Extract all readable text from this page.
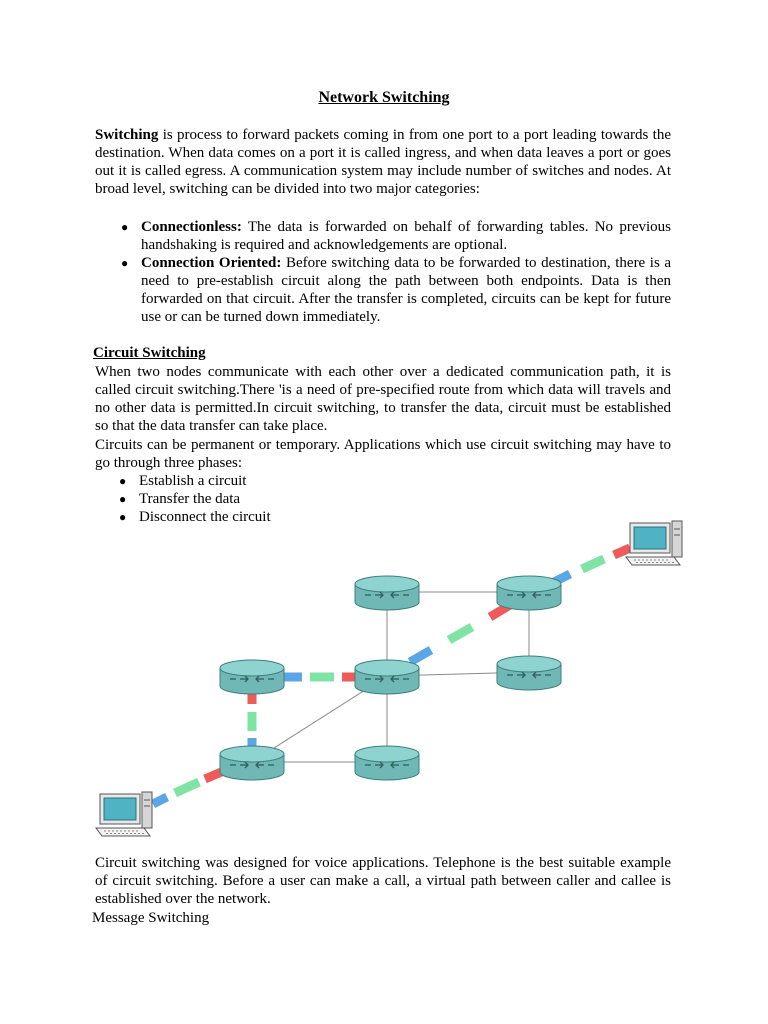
Network Switching
Switching is process to forward packets coming in from one port to a port leading towards the destination. When data comes on a port it is called ingress, and when data leaves a port or goes out it is called egress. A communication system may include number of switches and nodes. At broad level, switching can be divided into two major categories:
● Connectionless: The data is forwarded on behalf of forwarding tables. No previous handshaking is required and acknowledgements are optional.
● Connection Oriented: Before switching data to be forwarded to destination, there is a need to pre-establish circuit along the path between both endpoints. Data is then forwarded on that circuit. After the transfer is completed, circuits can be kept for future use or can be turned down immediately.
Circuit Switching
When two nodes communicate with each other over a dedicated communication path, it is called circuit switching.There 'is a need of pre-specified route from which data will travels and no other data is permitted.In circuit switching, to transfer the data, circuit must be established so that the data transfer can take place.
Circuits can be permanent or temporary. Applications which use circuit switching may have to go through three phases:
● Establish a circuit
● Transfer the data
● Disconnect the circuit
Circuit switching was designed for voice applications. Telephone is the best suitable example of circuit switching. Before a user can make a call, a virtual path between caller and callee is established over the network.
Message Switching
